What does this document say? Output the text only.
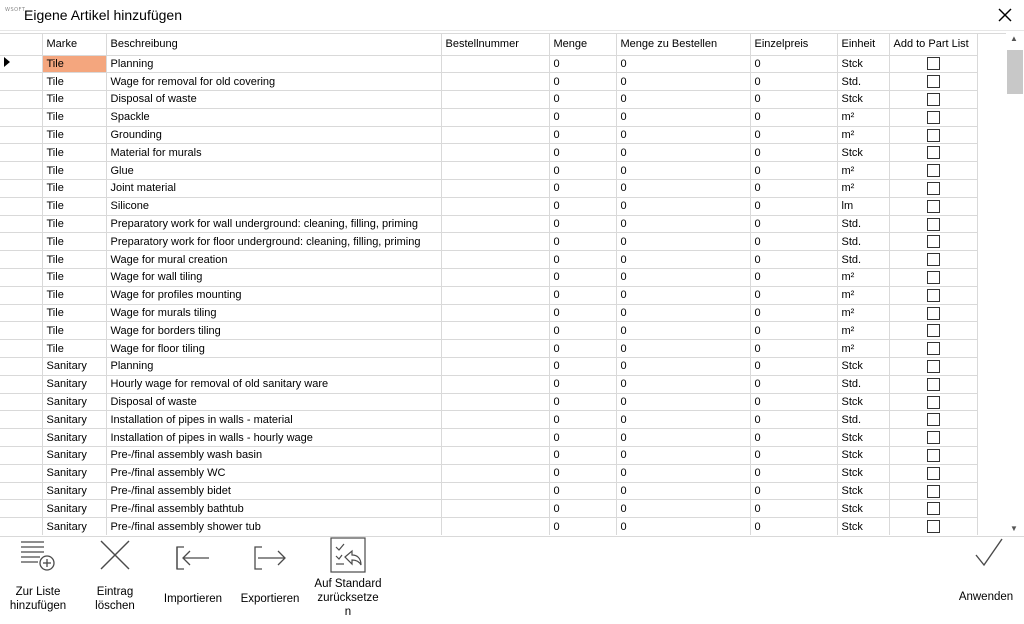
WSOFT
Eigene Artikel hinzufügen
	Marke	Beschreibung	Bestellnummer	Menge	Menge zu Bestellen	Einzelpreis	Einheit	Add to Part List
	Tile	Planning		0	0	0	Stck	
	Tile	Wage for removal for old covering		0	0	0	Std.	
	Tile	Disposal of waste		0	0	0	Stck	
	Tile	Spackle		0	0	0	m²	
	Tile	Grounding		0	0	0	m²	
	Tile	Material for murals		0	0	0	Stck	
	Tile	Glue		0	0	0	m²	
	Tile	Joint material		0	0	0	m²	
	Tile	Silicone		0	0	0	lm	
	Tile	Preparatory work for wall underground: cleaning, filling, priming		0	0	0	Std.	
	Tile	Preparatory work for floor underground: cleaning, filling, priming		0	0	0	Std.	
	Tile	Wage for mural creation		0	0	0	Std.	
	Tile	Wage for wall tiling		0	0	0	m²	
	Tile	Wage for profiles mounting		0	0	0	m²	
	Tile	Wage for murals tiling		0	0	0	m²	
	Tile	Wage for borders tiling		0	0	0	m²	
	Tile	Wage for floor tiling		0	0	0	m²	
	Sanitary	Planning		0	0	0	Stck	
	Sanitary	Hourly wage for removal of old sanitary ware		0	0	0	Std.	
	Sanitary	Disposal of waste		0	0	0	Stck	
	Sanitary	Installation of pipes in walls - material		0	0	0	Std.	
	Sanitary	Installation of pipes in walls - hourly wage		0	0	0	Stck	
	Sanitary	Pre-/final assembly wash basin		0	0	0	Stck	
	Sanitary	Pre-/final assembly WC		0	0	0	Stck	
	Sanitary	Pre-/final assembly bidet		0	0	0	Stck	
	Sanitary	Pre-/final assembly bathtub		0	0	0	Stck	
	Sanitary	Pre-/final assembly shower tub		0	0	0	Stck	
▲
▼
Zur Liste
hinzufügen
Eintrag
löschen
Importieren	Exportieren
Auf Standard
zurücksetze
n
Anwenden
